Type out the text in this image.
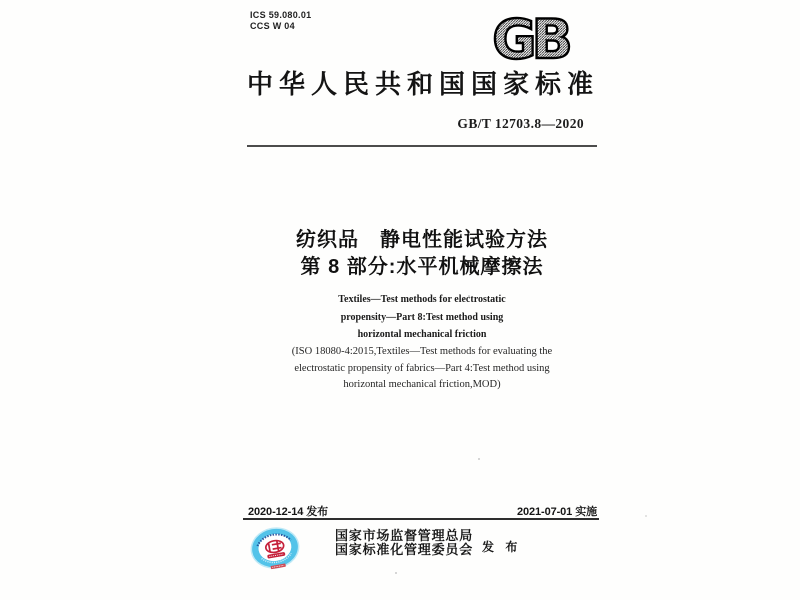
ICS 59.080.01
CCS W 04	GB
中华人民共和国国家标准
GB/T 12703.8—2020
纺织品　静电性能试验方法
第 8 部分:水平机械摩擦法
Textiles—Test methods for electrostatic
propensity—Part 8:Test method using
horizontal mechanical friction
(ISO 18080-4:2015,Textiles—Test methods for evaluating the
electrostatic propensity of fabrics—Part 4:Test method using
horizontal mechanical friction,MOD)
2020-12-14 发布	2021-07-01 实施
国家市场监督管理总局
国家标准化管理委员会 发 布
